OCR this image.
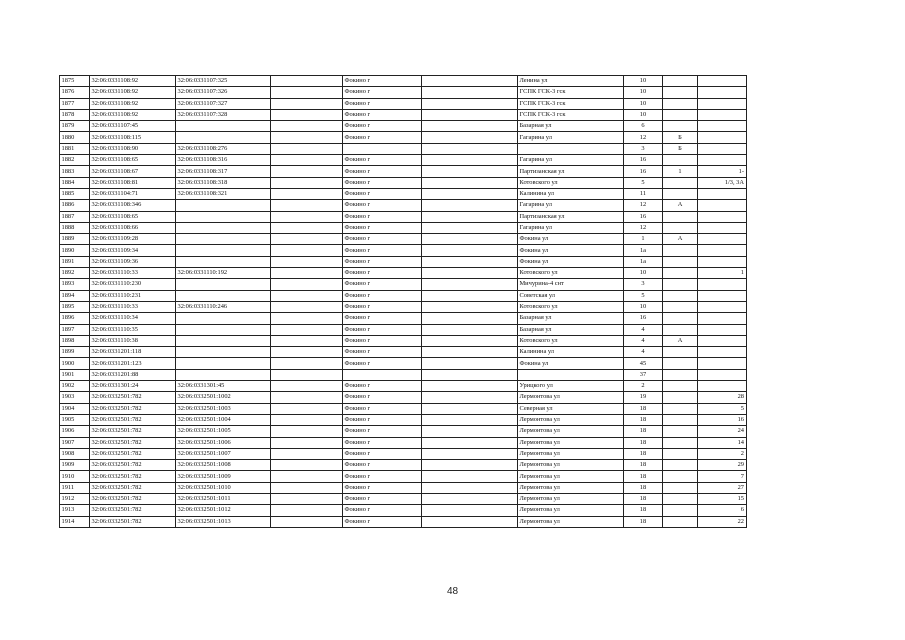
1875	32:06:0331108:92	32:06:0331107:325		Фокино г		Ленина ул	10		
1876	32:06:0331108:92	32:06:0331107:326		Фокино г		ГСПК ГСК-3 гск	10		
1877	32:06:0331108:92	32:06:0331107:327		Фокино г		ГСПК ГСК-3 гск	10		
1878	32:06:0331108:92	32:06:0331107:328		Фокино г		ГСПК ГСК-3 гск	10		
1879	32:06:0331107:45			Фокино г		Базарная ул	6		
1880	32:06:0331108:115			Фокино г		Гагарина ул	12	Б	
1881	32:06:0331108:90	32:06:0331108:276					3	Б	
1882	32:06:0331108:65	32:06:0331108:316		Фокино г		Гагарина ул	16		
1883	32:06:0331108:67	32:06:0331108:317		Фокино г		Партизанская ул	16	1	1-
1884	32:06:0331108:81	32:06:0331108:318		Фокино г		Котовского ул	5		1/3, 3А
1885	32:06:0331104:71	32:06:0331108:321		Фокино г		Калинина ул	11		
1886	32:06:0331108:346			Фокино г		Гагарина ул	12	А	
1887	32:06:0331108:65			Фокино г		Партизанская ул	16		
1888	32:06:0331108:66			Фокино г		Гагарина ул	12		
1889	32:06:0331109:28			Фокино г		Фокина ул	1	А	
1890	32:06:0331109:34			Фокино г		Фокина ул	1а		
1891	32:06:0331109:36			Фокино г		Фокина ул	1а		
1892	32:06:0331110:33	32:06:0331110:192		Фокино г		Котовского ул	10		1
1893	32:06:0331110:230			Фокино г		Мичурина-4 снт	3		
1894	32:06:0331110:231			Фокино г		Советская ул	5		
1895	32:06:0331110:33	32:06:0331110:246		Фокино г		Котовского ул	10		
1896	32:06:0331110:34			Фокино г		Базарная ул	16		
1897	32:06:0331110:35			Фокино г		Базарная ул	4		
1898	32:06:0331110:38			Фокино г		Котовского ул	4	А	
1899	32:06:0331201:118			Фокино г		Калинина ул	4		
1900	32:06:0331201:123			Фокино г		Фокина ул	45		
1901	32:06:0331201:88						37		
1902	32:06:0331301:24	32:06:0331301:45		Фокино г		Урицкого ул	2		
1903	32:06:0332501:782	32:06:0332501:1002		Фокино г		Лермонтова ул	19		28
1904	32:06:0332501:782	32:06:0332501:1003		Фокино г		Северная ул	18		5
1905	32:06:0332501:782	32:06:0332501:1004		Фокино г		Лермонтова ул	18		16
1906	32:06:0332501:782	32:06:0332501:1005		Фокино г		Лермонтова ул	18		24
1907	32:06:0332501:782	32:06:0332501:1006		Фокино г		Лермонтова ул	18		14
1908	32:06:0332501:782	32:06:0332501:1007		Фокино г		Лермонтова ул	18		2
1909	32:06:0332501:782	32:06:0332501:1008		Фокино г		Лермонтова ул	18		29
1910	32:06:0332501:782	32:06:0332501:1009		Фокино г		Лермонтова ул	18		7
1911	32:06:0332501:782	32:06:0332501:1010		Фокино г		Лермонтова ул	18		27
1912	32:06:0332501:782	32:06:0332501:1011		Фокино г		Лермонтова ул	18		15
1913	32:06:0332501:782	32:06:0332501:1012		Фокино г		Лермонтова ул	18		6
1914	32:06:0332501:782	32:06:0332501:1013		Фокино г		Лермонтова ул	18		22
48
